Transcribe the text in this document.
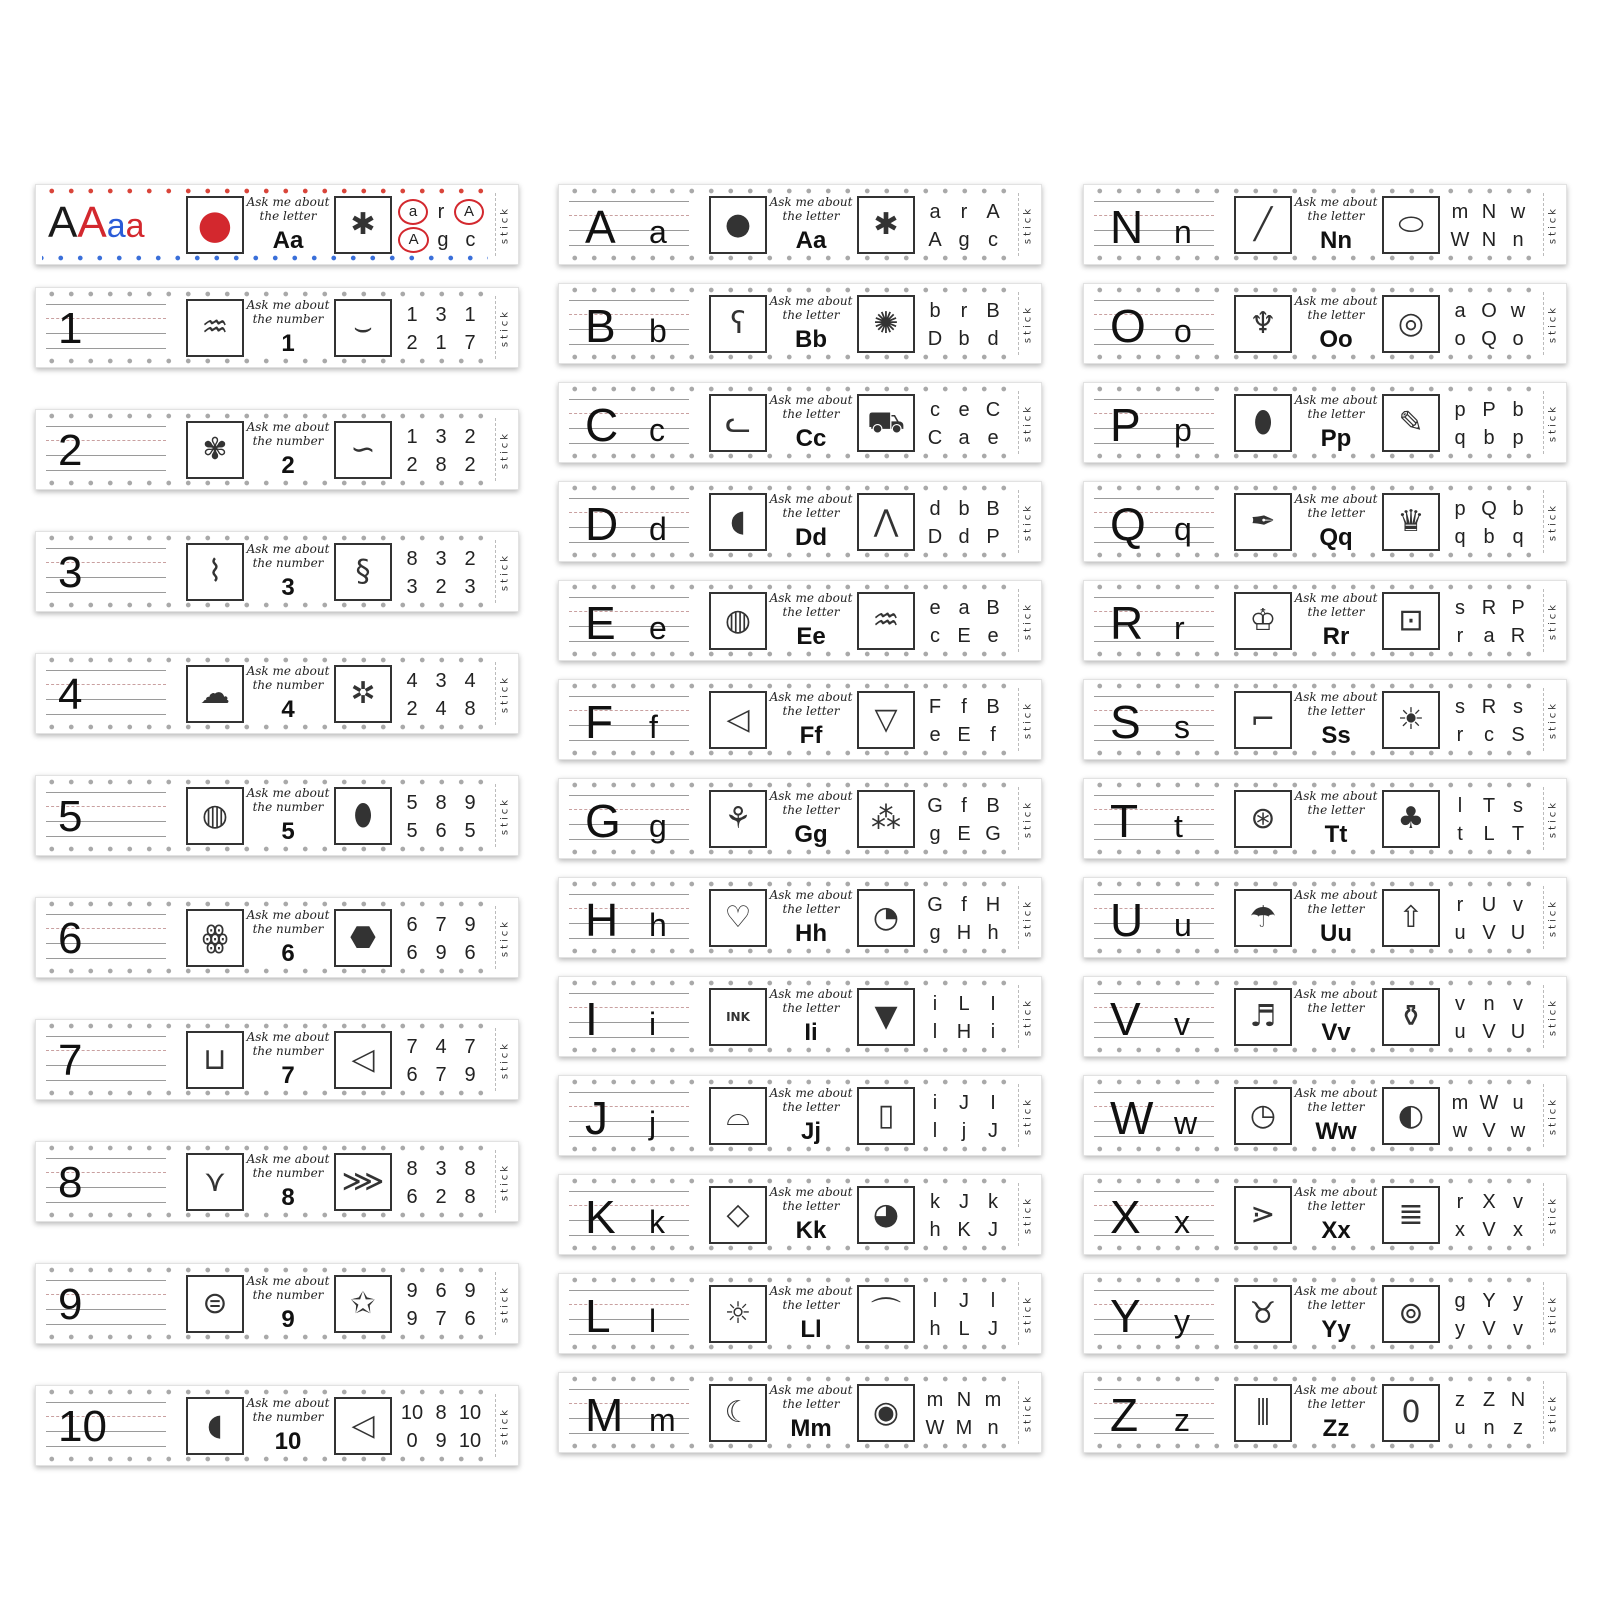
AAaa ●	Ask me about the letter
Aa	✱	a	r	A
A g c	stick
1	♒
Ask me about the number
1	⌣	1 3 1
2 1 7	stick
2	✾
Ask me about the number
2	∽	1 3 2
2 8 2	stick
3	⌇
Ask me about the number
3	§	8 3 2
3 2 3	stick
4	☁
Ask me about the number
4	✲	4 3 4
2 4 8	stick
5	◍
Ask me about the number
5	⬮	5 8 9
5 6 5	stick
6	ꙮ
Ask me about the number
6	⬣	6 7 9
6 9 6	stick
7	⊔
Ask me about the number
7	◁	7 4 7
6 7 9	stick
8	⋎
Ask me about the number
8	⋙	8 3 8
6 2 8	stick
9	⊜
Ask me about the number
9	✩	9 6 9
9 7 6	stick
10	◖
Ask me about the number
10	◁	10 8 10
0 9 10 stick
A a	●
Ask me about the letter
Aa	✱	a	r A
A g c	stick
B b	ʕ
Ask me about the letter
Bb	✺	b	r B
D b d	stick
C c	ᓚ
Ask me about the letter
Cc	⛟	c e C
C a e	stick
D d	◖
Ask me about the letter
Dd	⋀	d b B
D d P	stick
E e	◍
Ask me about the letter
Ee	♒	e a B
c E e	stick
F f	◁
Ask me about the letter
Ff	▽	F	f B
e E f	stick
G g	⚘
Ask me about the letter
Gg	⁂	G f B
g E G	stick
H h	♡
Ask me about the letter
Hh	◔	G f H
g H h	stick
I i	INK
Ask me about the letter
Ii	▼	i	L	I
l H i	stick
J j	⌓
Ask me about the letter
Jj	▯	i	J	I
l	j	J	stick
K k	◇
Ask me about the letter
Kk	◕	k J k
h K J	stick
L l	☼
Ask me about the letter
Ll	⌒	l	J	l
h L J	stick
M m	☾
Ask me about the letter
Mm	◉	m N m
W M n	stick
N n	╱
Ask me about the letter
Nn	⬭	m N w
W N n	stick
O o	♆
Ask me about the letter
Oo	◎	a O w
o Q o	stick
P p	⬮
Ask me about the letter
Pp	✎	p P b
q b p	stick
Q q	✒
Ask me about the letter
Qq	♛	p Q b
q b q	stick
R r	♔
Ask me about the letter
Rr	⊡	s R P
r	a R	stick
S s	⌐
Ask me about the letter
Ss	☀	s R s
r	c S	stick
T t	⊛
Ask me about the letter
Tt	♣	l	T s
t	L T	stick
U u	☂
Ask me about the letter
Uu	⇧	r U v
u V U	stick
V v	♬
Ask me about the letter
Vv	⚱	v n v
u V U	stick
W w	◷
Ask me about the letter
Ww	◐	m W u
w V w	stick
X x	⋗
Ask me about the letter
Xx	≣	r X v
x V x	stick
Y y	♉
Ask me about the letter
Yy	⊚	g Y y
y V v	stick
Z z	⫼
Ask me about the letter
Zz	0	z Z N
u n z	stick
